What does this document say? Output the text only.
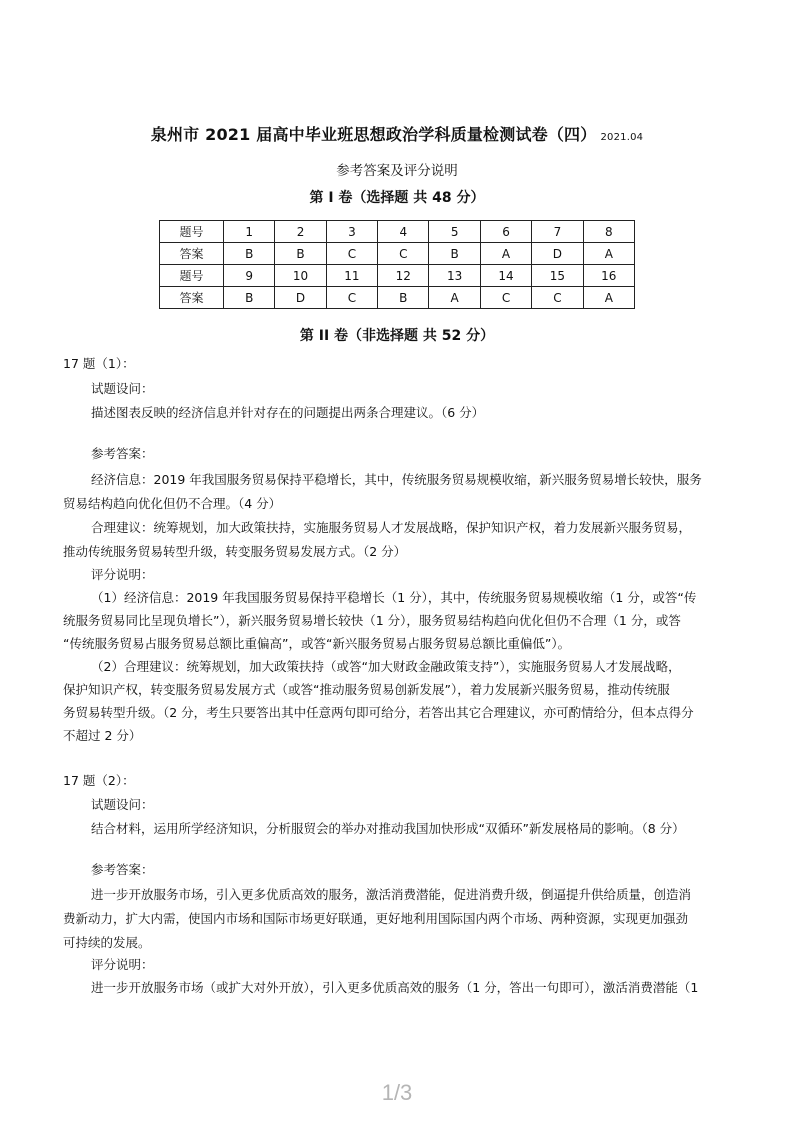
泉州市 2021 届高中毕业班思想政治学科质量检测试卷（四） 2021.04
参考答案及评分说明
第 I 卷（选择题 共 48 分）
题号	1	2	3	4	5	6	7	8
答案	B	B	C	C	B	A	D	A
题号	9	10	11	12	13	14	15	16
答案	B	D	C	B	A	C	C	A
第 II 卷（非选择题 共 52 分）
17 题（1）：
试题设问：
描述图表反映的经济信息并针对存在的问题提出两条合理建议。（6 分）
参考答案：
经济信息：2019 年我国服务贸易保持平稳增长，其中，传统服务贸易规模收缩，新兴服务贸易增长较快，服务
贸易结构趋向优化但仍不合理。（4 分）
合理建议：统筹规划，加大政策扶持，实施服务贸易人才发展战略，保护知识产权，着力发展新兴服务贸易，
推动传统服务贸易转型升级，转变服务贸易发展方式。（2 分）
评分说明：
（1）经济信息：2019 年我国服务贸易保持平稳增长（1 分），其中，传统服务贸易规模收缩（1 分，或答“传
统服务贸易同比呈现负增长”），新兴服务贸易增长较快（1 分），服务贸易结构趋向优化但仍不合理（1 分，或答
“传统服务贸易占服务贸易总额比重偏高”，或答“新兴服务贸易占服务贸易总额比重偏低”）。
（2）合理建议：统筹规划，加大政策扶持（或答“加大财政金融政策支持”），实施服务贸易人才发展战略，
保护知识产权，转变服务贸易发展方式（或答“推动服务贸易创新发展”），着力发展新兴服务贸易，推动传统服
务贸易转型升级。（2 分，考生只要答出其中任意两句即可给分，若答出其它合理建议，亦可酌情给分，但本点得分
不超过 2 分）
17 题（2）：
试题设问：
结合材料，运用所学经济知识，分析服贸会的举办对推动我国加快形成“双循环”新发展格局的影响。（8 分）
参考答案：
进一步开放服务市场，引入更多优质高效的服务，激活消费潜能，促进消费升级，倒逼提升供给质量，创造消
费新动力，扩大内需，使国内市场和国际市场更好联通，更好地利用国际国内两个市场、两种资源，实现更加强劲
可持续的发展。
评分说明：
进一步开放服务市场（或扩大对外开放），引入更多优质高效的服务（1 分，答出一句即可），激活消费潜能（1
1/3
